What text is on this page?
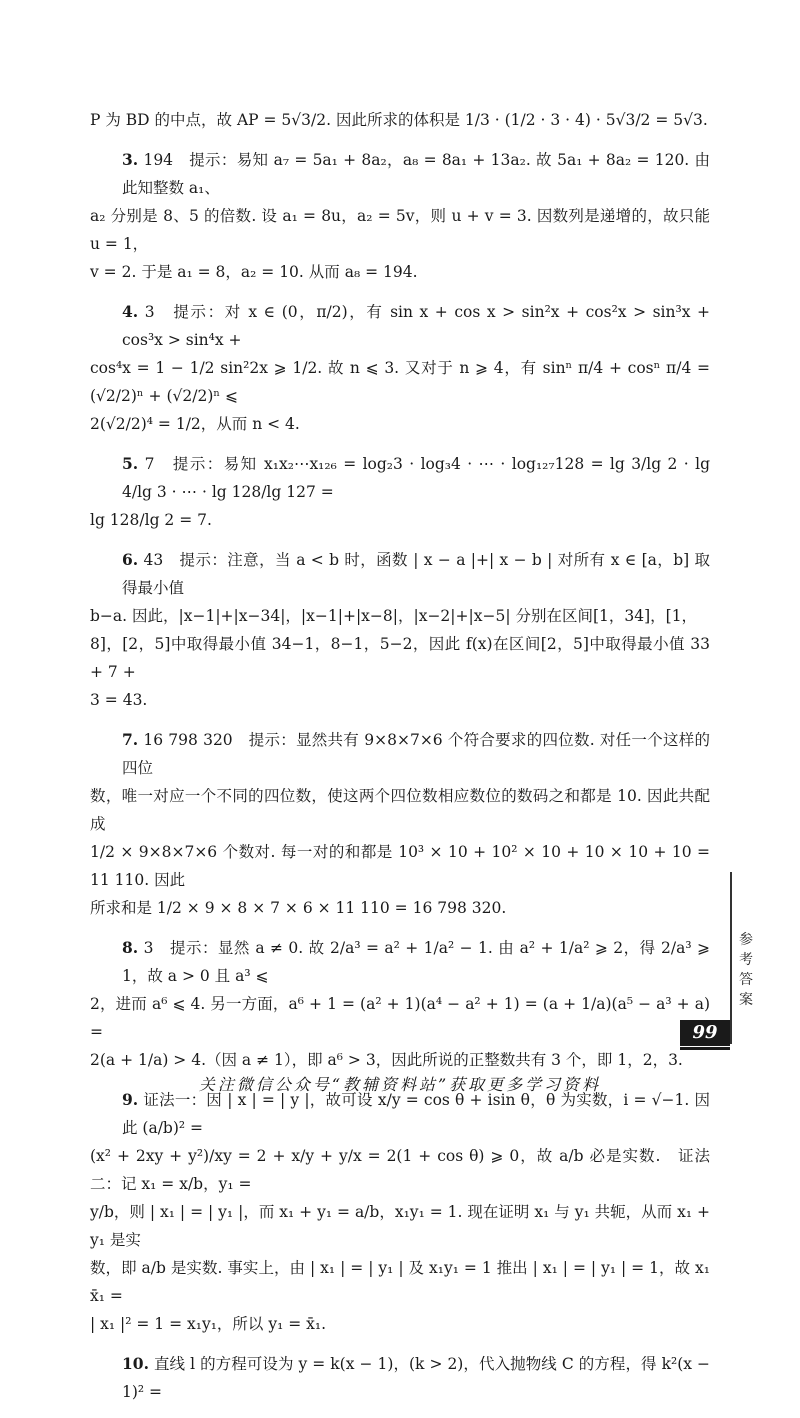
P 为 BD 的中点，故 AP = 5√3/2. 因此所求的体积是 1/3 · (1/2 · 3 · 4) · 5√3/2 = 5√3.
3. 194　提示：易知 a₇ = 5a₁ + 8a₂，a₈ = 8a₁ + 13a₂. 故 5a₁ + 8a₂ = 120. 由此知整数 a₁、
a₂ 分别是 8、5 的倍数. 设 a₁ = 8u，a₂ = 5v，则 u + v = 3. 因数列是递增的，故只能 u = 1，
v = 2. 于是 a₁ = 8，a₂ = 10. 从而 a₈ = 194.
4. 3　提示：对 x ∈ (0，π/2)，有 sin x + cos x > sin²x + cos²x > sin³x + cos³x > sin⁴x +
cos⁴x = 1 − 1/2 sin²2x ⩾ 1/2. 故 n ⩽ 3. 又对于 n ⩾ 4，有 sinⁿ π/4 + cosⁿ π/4 = (√2/2)ⁿ + (√2/2)ⁿ ⩽
2(√2/2)⁴ = 1/2，从而 n < 4.
5. 7　提示：易知 x₁x₂⋯x₁₂₆ = log₂3 · log₃4 · ⋯ · log₁₂₇128 = lg 3/lg 2 · lg 4/lg 3 · ⋯ · lg 128/lg 127 =
lg 128/lg 2 = 7.
6. 43　提示：注意，当 a < b 时，函数 | x − a |+| x − b | 对所有 x ∈ [a，b] 取得最小值
b−a. 因此，|x−1|+|x−34|，|x−1|+|x−8|，|x−2|+|x−5| 分别在区间[1，34]，[1，
8]，[2，5]中取得最小值 34−1，8−1，5−2，因此 f(x)在区间[2，5]中取得最小值 33 + 7 +
3 = 43.
7. 16 798 320　提示：显然共有 9×8×7×6 个符合要求的四位数. 对任一个这样的四位
数，唯一对应一个不同的四位数，使这两个四位数相应数位的数码之和都是 10. 因此共配成
1/2 × 9×8×7×6 个数对. 每一对的和都是 10³ × 10 + 10² × 10 + 10 × 10 + 10 = 11 110. 因此
所求和是 1/2 × 9 × 8 × 7 × 6 × 11 110 = 16 798 320.
8. 3　提示：显然 a ≠ 0. 故 2/a³ = a² + 1/a² − 1. 由 a² + 1/a² ⩾ 2，得 2/a³ ⩾ 1，故 a > 0 且 a³ ⩽
2，进而 a⁶ ⩽ 4. 另一方面，a⁶ + 1 = (a² + 1)(a⁴ − a² + 1) = (a + 1/a)(a⁵ − a³ + a) =
2(a + 1/a) > 4.（因 a ≠ 1），即 a⁶ > 3，因此所说的正整数共有 3 个，即 1，2，3.
9. 证法一：因 | x | = | y |，故可设 x/y = cos θ + isin θ，θ 为实数，i = √−1. 因此 (a/b)² =
(x² + 2xy + y²)/xy = 2 + x/y + y/x = 2(1 + cos θ) ⩾ 0，故 a/b 必是实数.　证法二：记 x₁ = x/b，y₁ =
y/b，则 | x₁ | = | y₁ |，而 x₁ + y₁ = a/b，x₁y₁ = 1. 现在证明 x₁ 与 y₁ 共轭，从而 x₁ + y₁ 是实
数，即 a/b 是实数. 事实上，由 | x₁ | = | y₁ | 及 x₁y₁ = 1 推出 | x₁ | = | y₁ | = 1，故 x₁ x̄₁ =
| x₁ |² = 1 = x₁y₁，所以 y₁ = x̄₁.
10. 直线 l 的方程可设为 y = k(x − 1)，(k > 2)，代入抛物线 C 的方程，得 k²(x − 1)² =
参
考
答
案
99
关注微信公众号“教辅资料站”获取更多学习资料
